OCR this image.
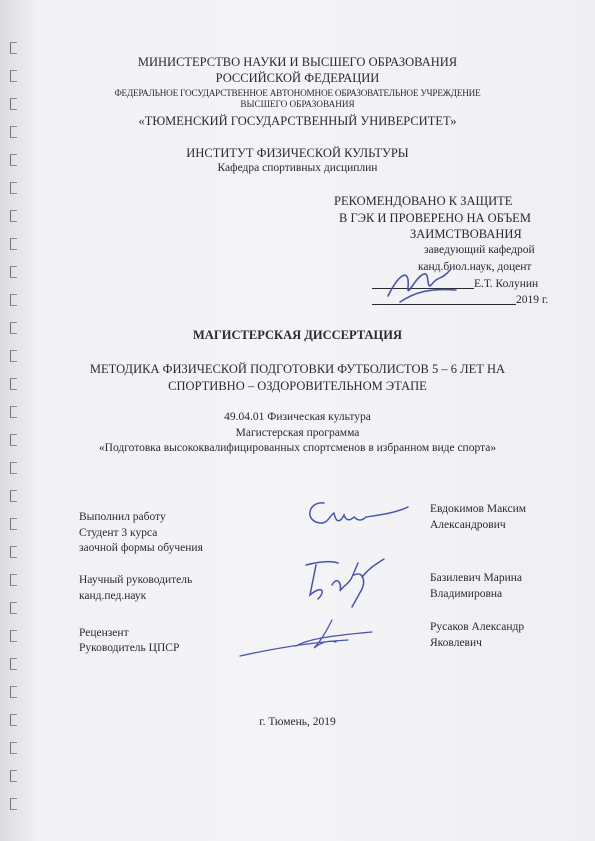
МИНИСТЕРСТВО НАУКИ И ВЫСШЕГО ОБРАЗОВАНИЯ
РОССИЙСКОЙ ФЕДЕРАЦИИ
ФЕДЕРАЛЬНОЕ ГОСУДАРСТВЕННОЕ АВТОНОМНОЕ ОБРАЗОВАТЕЛЬНОЕ УЧРЕЖДЕНИЕ
ВЫСШЕГО ОБРАЗОВАНИЯ
«ТЮМЕНСКИЙ ГОСУДАРСТВЕННЫЙ УНИВЕРСИТЕТ»
ИНСТИТУТ ФИЗИЧЕСКОЙ КУЛЬТУРЫ
Кафедра спортивных дисциплин
РЕКОМЕНДОВАНО К ЗАЩИТЕ
В ГЭК И ПРОВЕРЕНО НА ОБЪЕМ
ЗАИМСТВОВАНИЯ
заведующий кафедрой
канд.биол.наук, доцент
Е.Т. Колунин
2019 г.
МАГИСТЕРСКАЯ ДИССЕРТАЦИЯ
МЕТОДИКА ФИЗИЧЕСКОЙ ПОДГОТОВКИ ФУТБОЛИСТОВ 5 – 6 ЛЕТ НА
СПОРТИВНО – ОЗДОРОВИТЕЛЬНОМ ЭТАПЕ
49.04.01 Физическая культура
Магистерская программа
«Подготовка высококвалифицированных спортсменов в избранном виде спорта»
Выполнил работу
Студент 3 курса
заочной формы обучения
Евдокимов Максим
Александрович
Научный руководитель
канд.пед.наук
Базилевич Марина
Владимировна
Рецензент
Руководитель ЦПСР
Русаков Александр
Яковлевич
г. Тюмень, 2019
